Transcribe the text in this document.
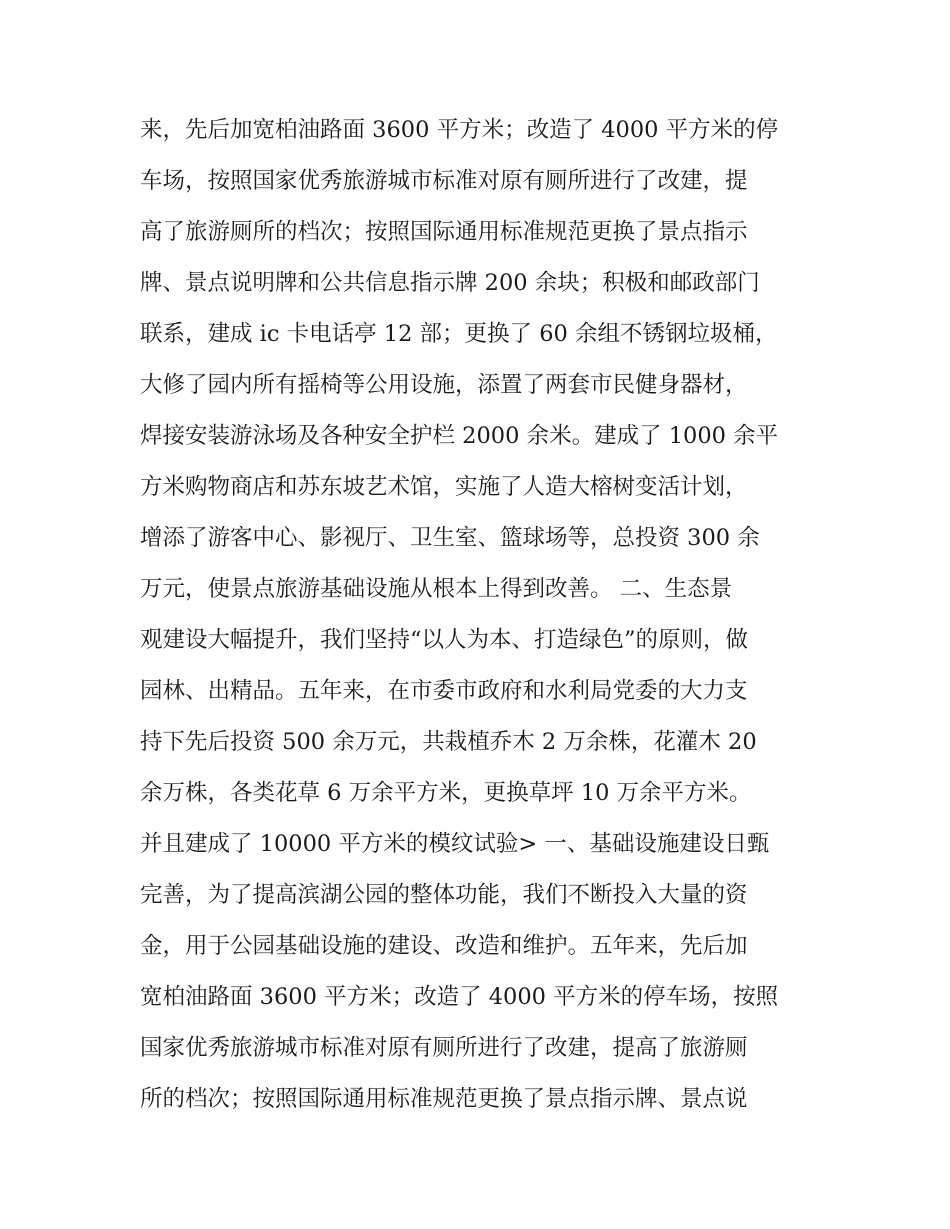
来，先后加宽柏油路面 3600 平方米；改造了 4000 平方米的停
车场，按照国家优秀旅游城市标准对原有厕所进行了改建，提
高了旅游厕所的档次；按照国际通用标准规范更换了景点指示
牌、景点说明牌和公共信息指示牌 200 余块；积极和邮政部门
联系，建成 ic 卡电话亭 12 部；更换了 60 余组不锈钢垃圾桶，
大修了园内所有摇椅等公用设施，添置了两套市民健身器材，
焊接安装游泳场及各种安全护栏 2000 余米。建成了 1000 余平
方米购物商店和苏东坡艺术馆，实施了人造大榕树变活计划，
增添了游客中心、影视厅、卫生室、篮球场等，总投资 300 余
万元，使景点旅游基础设施从根本上得到改善。 二、生态景
观建设大幅提升，我们坚持“以人为本、打造绿色”的原则，做
园林、出精品。五年来，在市委市政府和水利局党委的大力支
持下先后投资 500 余万元，共栽植乔木 2 万余株，花灌木 20
余万株，各类花草 6 万余平方米，更换草坪 10 万余平方米。
并且建成了 10000 平方米的模纹试验> 一、基础设施建设日甄
完善，为了提高滨湖公园的整体功能，我们不断投入大量的资
金，用于公园基础设施的建设、改造和维护。五年来，先后加
宽柏油路面 3600 平方米；改造了 4000 平方米的停车场，按照
国家优秀旅游城市标准对原有厕所进行了改建，提高了旅游厕
所的档次；按照国际通用标准规范更换了景点指示牌、景点说
